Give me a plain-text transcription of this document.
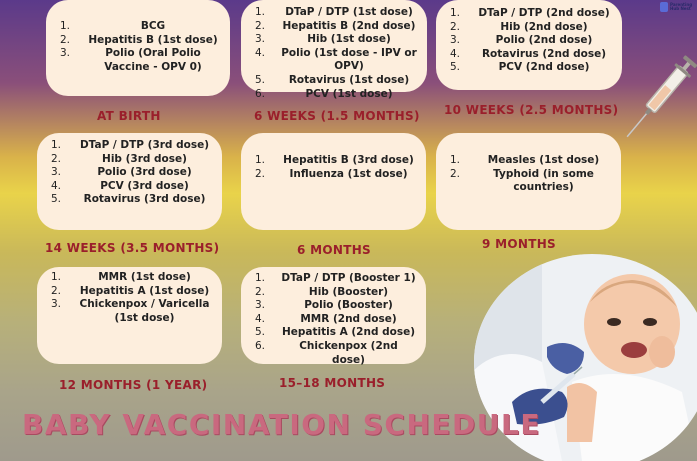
Parenting
Hub Nest
1.	BCG
2.	Hepatitis B (1st dose)
3.	Polio (Oral Polio Vaccine - OPV 0)
AT BIRTH
1.	DTaP / DTP (1st dose)
2.	Hepatitis B (2nd dose)
3.	Hib (1st dose)
4.	Polio (1st dose - IPV or OPV)
5.	Rotavirus (1st dose)
6.	PCV (1st dose)
6 WEEKS (1.5 MONTHS)
1.	DTaP / DTP (2nd dose)
2.	Hib (2nd dose)
3.	Polio (2nd dose)
4.	Rotavirus (2nd dose)
5.	PCV (2nd dose)
10 WEEKS (2.5 MONTHS)
1.	DTaP / DTP (3rd dose)
2.	Hib (3rd dose)
3.	Polio (3rd dose)
4.	PCV (3rd dose)
5.	Rotavirus (3rd dose)
14 WEEKS (3.5 MONTHS)
1.	Hepatitis B (3rd dose)
2.	Influenza (1st dose)
6 MONTHS
1.	Measles (1st dose)
2.	Typhoid (in some countries)
9 MONTHS
1.	MMR (1st dose)
2.	Hepatitis A (1st dose)
3.	Chickenpox / Varicella (1st dose)
12 MONTHS (1 YEAR)
1.	DTaP / DTP (Booster 1)
2.	Hib (Booster)
3.	Polio (Booster)
4.	MMR (2nd dose)
5.	Hepatitis A (2nd dose)
6.	Chickenpox (2nd dose)
15–18 MONTHS
BABY VACCINATION SCHEDULE
